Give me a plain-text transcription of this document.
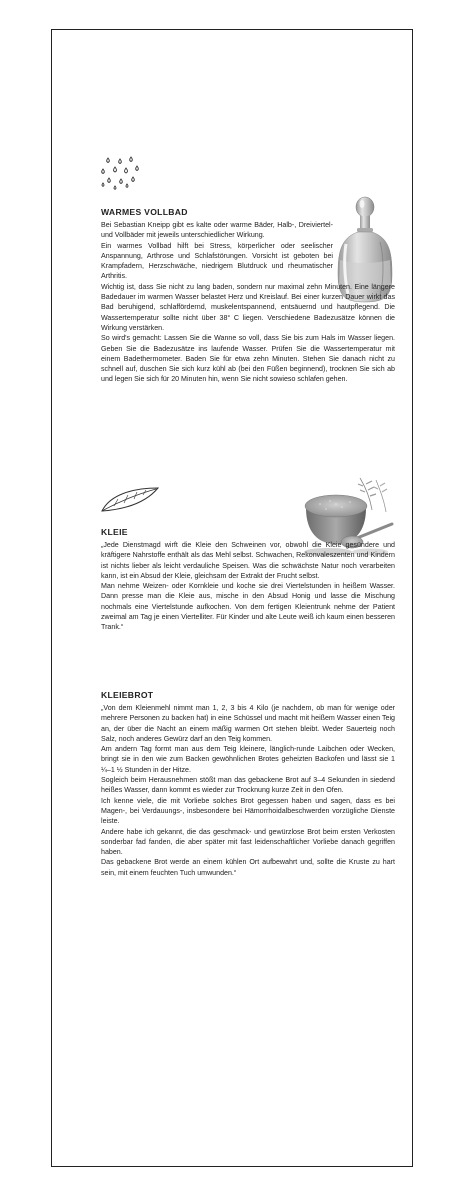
WARMES VOLLBAD

Bei Sebastian Kneipp gibt es kalte oder warme Bäder, Halb-, Dreiviertel- und Vollbäder mit jeweils unterschiedlicher Wirkung.

Ein warmes Vollbad hilft bei Stress, körperlicher oder seelischer Anspannung, Arthrose und Schlafstörungen. Vorsicht ist geboten bei Krampfadern, Herzschwäche, niedrigem Blutdruck und rheumatischer Arthritis.

Wichtig ist, dass Sie nicht zu lang baden, sondern nur maximal zehn Minuten. Eine längere Badedauer im warmen Wasser belastet Herz und Kreislauf. Bei einer kurzen Dauer wirkt das Bad beruhigend, schlaffördernd, muskelentspannend, entsäuernd und hautpflegend. Die Wassertemperatur sollte nicht über 38° C liegen. Verschiedene Badezusätze können die Wirkung verstärken.

So wird's gemacht: Lassen Sie die Wanne so voll, dass Sie bis zum Hals im Wasser liegen. Geben Sie die Badezusätze ins laufende Wasser. Prüfen Sie die Wassertemperatur mit einem Badethermometer. Baden Sie für etwa zehn Minuten. Stehen Sie danach nicht zu schnell auf, duschen Sie sich kurz kühl ab (bei den Füßen beginnend), trocknen Sie sich ab und legen Sie sich für 20 Minuten hin, wenn Sie nicht sowieso schlafen gehen.

KLEIE

„Jede Dienstmagd wirft die Kleie den Schweinen vor, obwohl die Kleie gesündere und kräftigere Nahrstoffe enthält als das Mehl selbst. Schwachen, Rekonvaleszenten und Kindern ist nichts lieber als leicht verdauliche Speisen. Was die schwächste Natur noch verarbeiten kann, ist ein Absud der Kleie, gleichsam der Extrakt der Frucht selbst.

Man nehme Weizen- oder Kornkleie und koche sie drei Viertelstunden in heißem Wasser. Dann presse man die Kleie aus, mische in den Absud Honig und lasse die Mischung nochmals eine Viertelstunde aufkochen. Von dem fertigen Kleientrunk nehme der Patient zweimal am Tag je einen Viertelliter. Für Kinder und alte Leute weiß ich kaum einen besseren Trank.“

KLEIEBROT

„Von dem Kleienmehl nimmt man 1, 2, 3 bis 4 Kilo (je nachdem, ob man für wenige oder mehrere Personen zu backen hat) in eine Schüssel und macht mit heißem Wasser einen Teig an, der über die Nacht an einem mäßig warmen Ort stehen bleibt. Weder Sauerteig noch Salz, noch anderes Gewürz darf an den Teig kommen.

Am andern Tag formt man aus dem Teig kleinere, länglich-runde Laibchen oder Wecken, bringt sie in den wie zum Backen gewöhnlichen Brotes geheizten Backofen und lässt sie 1 ¼–1 ½ Stunden in der Hitze.

Sogleich beim Herausnehmen stößt man das gebackene Brot auf 3–4 Sekunden in siedend heißes Wasser, dann kommt es wieder zur Trocknung kurze Zeit in den Ofen.

Ich kenne viele, die mit Vorliebe solches Brot gegessen haben und sagen, dass es bei Magen-, bei Verdauungs-, insbesondere bei Hämorrhoidalbeschwerden vorzügliche Dienste leiste.

Andere habe ich gekannt, die das geschmack- und gewürzlose Brot beim ersten Verkosten sonderbar fad fanden, die aber später mit fast leidenschaftlicher Vorliebe danach gegriffen haben.

Das gebackene Brot werde an einem kühlen Ort aufbewahrt und, sollte die Kruste zu hart sein, mit einem feuchten Tuch umwunden.“
